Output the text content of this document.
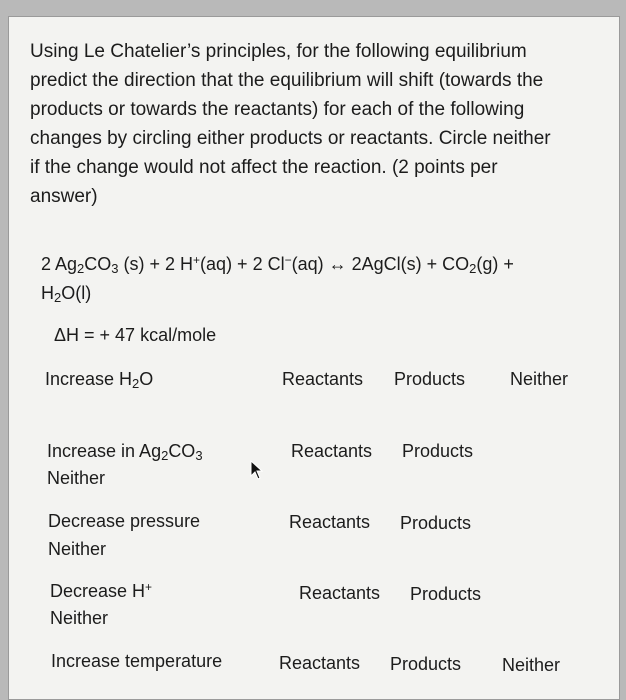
Using Le Chatelier’s principles, for the following equilibrium
predict the direction that the equilibrium will shift (towards the
products or towards the reactants) for each of the following
changes by circling either products or reactants. Circle neither
if the change would not affect the reaction. (2 points per
answer)
2 $Ag_2CO_3$ (s) + 2 H+(aq) + 2 Cl−(aq) ↔ 2AgCl(s) + $CO_2(g)$ +
$H_2O(l)$
ΔH = + 47 kcal/mole
Increase $H_2O$	Reactants Products Neither
Increase in $Ag_2CO_3$
Neither
Reactants Products
Decrease pressure
Neither
Reactants Products
Decrease H+
Neither
Reactants Products
Increase temperature	Reactants Products Neither
